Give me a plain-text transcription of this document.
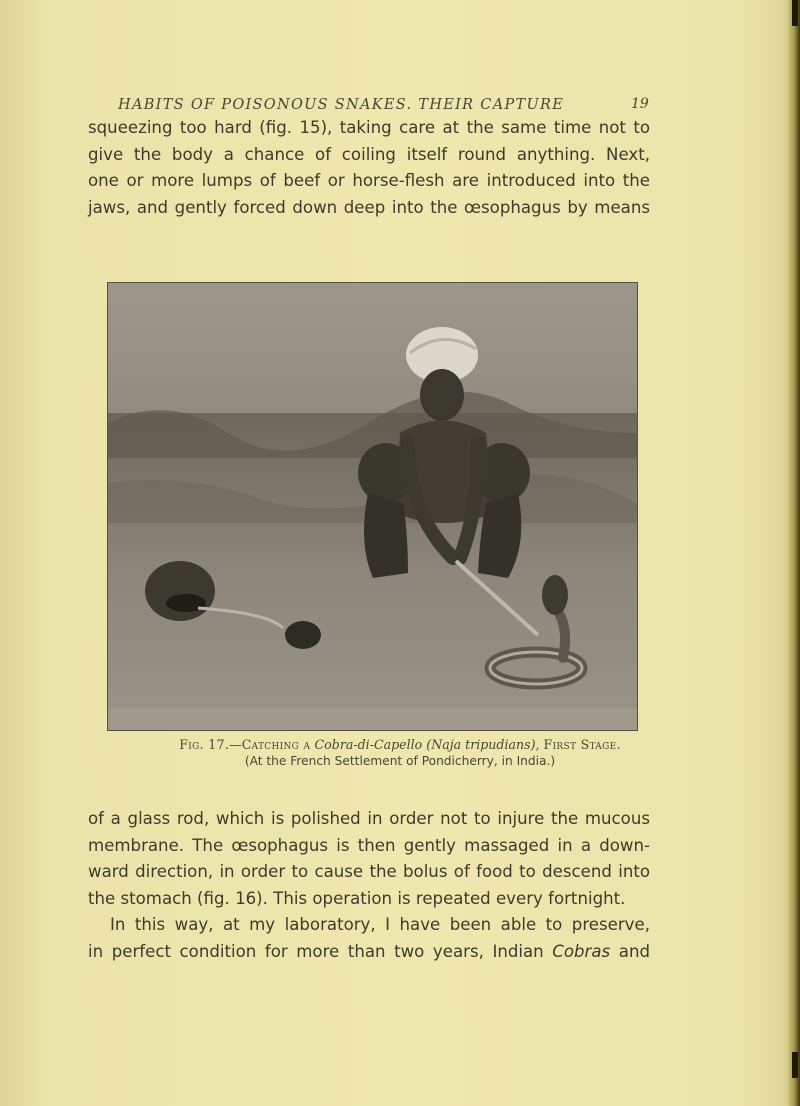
HABITS OF POISONOUS SNAKES. THEIR CAPTURE	19

squeezing too hard (fig. 15), taking care at the same time not to

give the body a chance of coiling itself round anything. Next,

one or more lumps of beef or horse-flesh are introduced into the

jaws, and gently forced down deep into the œsophagus by means

Fig. 17.—Catching a Cobra-di-Capello (Naja tripudians), First Stage.
(At the French Settlement of Pondicherry, in India.)

of a glass rod, which is polished in order not to injure the mucous

membrane. The œsophagus is then gently massaged in a down-

ward direction, in order to cause the bolus of food to descend into

the stomach (fig. 16). This operation is repeated every fortnight.

In this way, at my laboratory, I have been able to preserve,

in perfect condition for more than two years, Indian Cobras and
